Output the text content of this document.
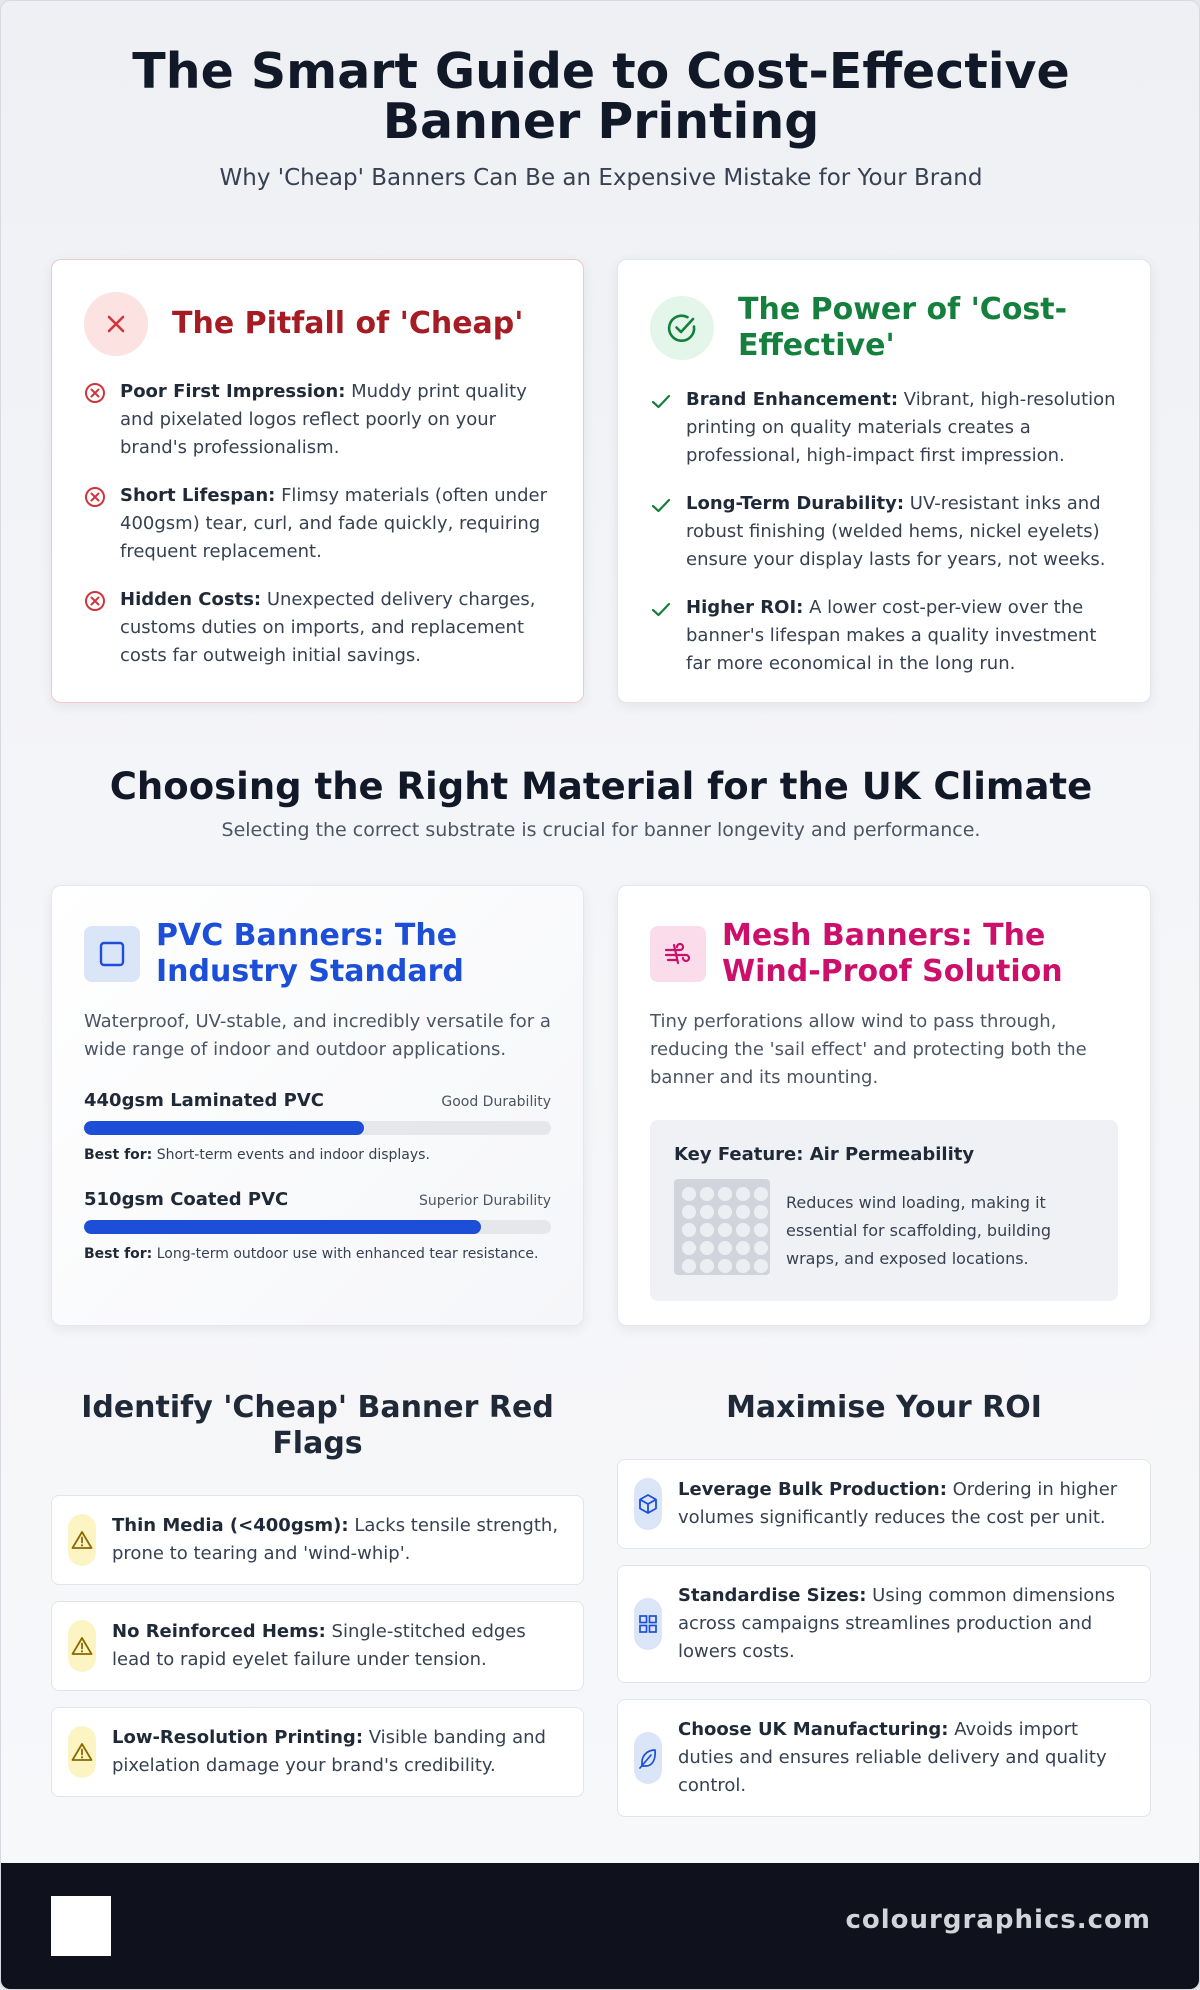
The Smart Guide to Cost-Effective Banner Printing

Why 'Cheap' Banners Can Be an Expensive Mistake for Your Brand

The Pitfall of 'Cheap'
Poor First Impression: Muddy print quality and pixelated logos reflect poorly on your brand's professionalism.
Short Lifespan: Flimsy materials (often under 400gsm) tear, curl, and fade quickly, requiring frequent replacement.
Hidden Costs: Unexpected delivery charges, customs duties on imports, and replacement costs far outweigh initial savings.
The Power of 'Cost-Effective'
Brand Enhancement: Vibrant, high-resolution printing on quality materials creates a professional, high-impact first impression.
Long-Term Durability: UV-resistant inks and robust finishing (welded hems, nickel eyelets) ensure your display lasts for years, not weeks.
Higher ROI: A lower cost-per-view over the banner's lifespan makes a quality investment far more economical in the long run.
Choosing the Right Material for the UK Climate

Selecting the correct substrate is crucial for banner longevity and performance.

PVC Banners: The Industry Standard
Waterproof, UV-stable, and incredibly versatile for a wide range of indoor and outdoor applications.
440gsm Laminated PVC	Good Durability
Best for: Short-term events and indoor displays.
510gsm Coated PVC	Superior Durability
Best for: Long-term outdoor use with enhanced tear resistance.
Mesh Banners: The Wind-Proof Solution
Tiny perforations allow wind to pass through, reducing the 'sail effect' and protecting both the banner and its mounting.
Key Feature: Air Permeability
Reduces wind loading, making it essential for scaffolding, building wraps, and exposed locations.
Identify 'Cheap' Banner Red Flags
Thin Media (<400gsm): Lacks tensile strength, prone to tearing and 'wind-whip'.
No Reinforced Hems: Single-stitched edges lead to rapid eyelet failure under tension.
Low-Resolution Printing: Visible banding and pixelation damage your brand's credibility.
Maximise Your ROI
Leverage Bulk Production: Ordering in higher volumes significantly reduces the cost per unit.
Standardise Sizes: Using common dimensions across campaigns streamlines production and lowers costs.
Choose UK Manufacturing: Avoids import duties and ensures reliable delivery and quality control.
colourgraphics.com
